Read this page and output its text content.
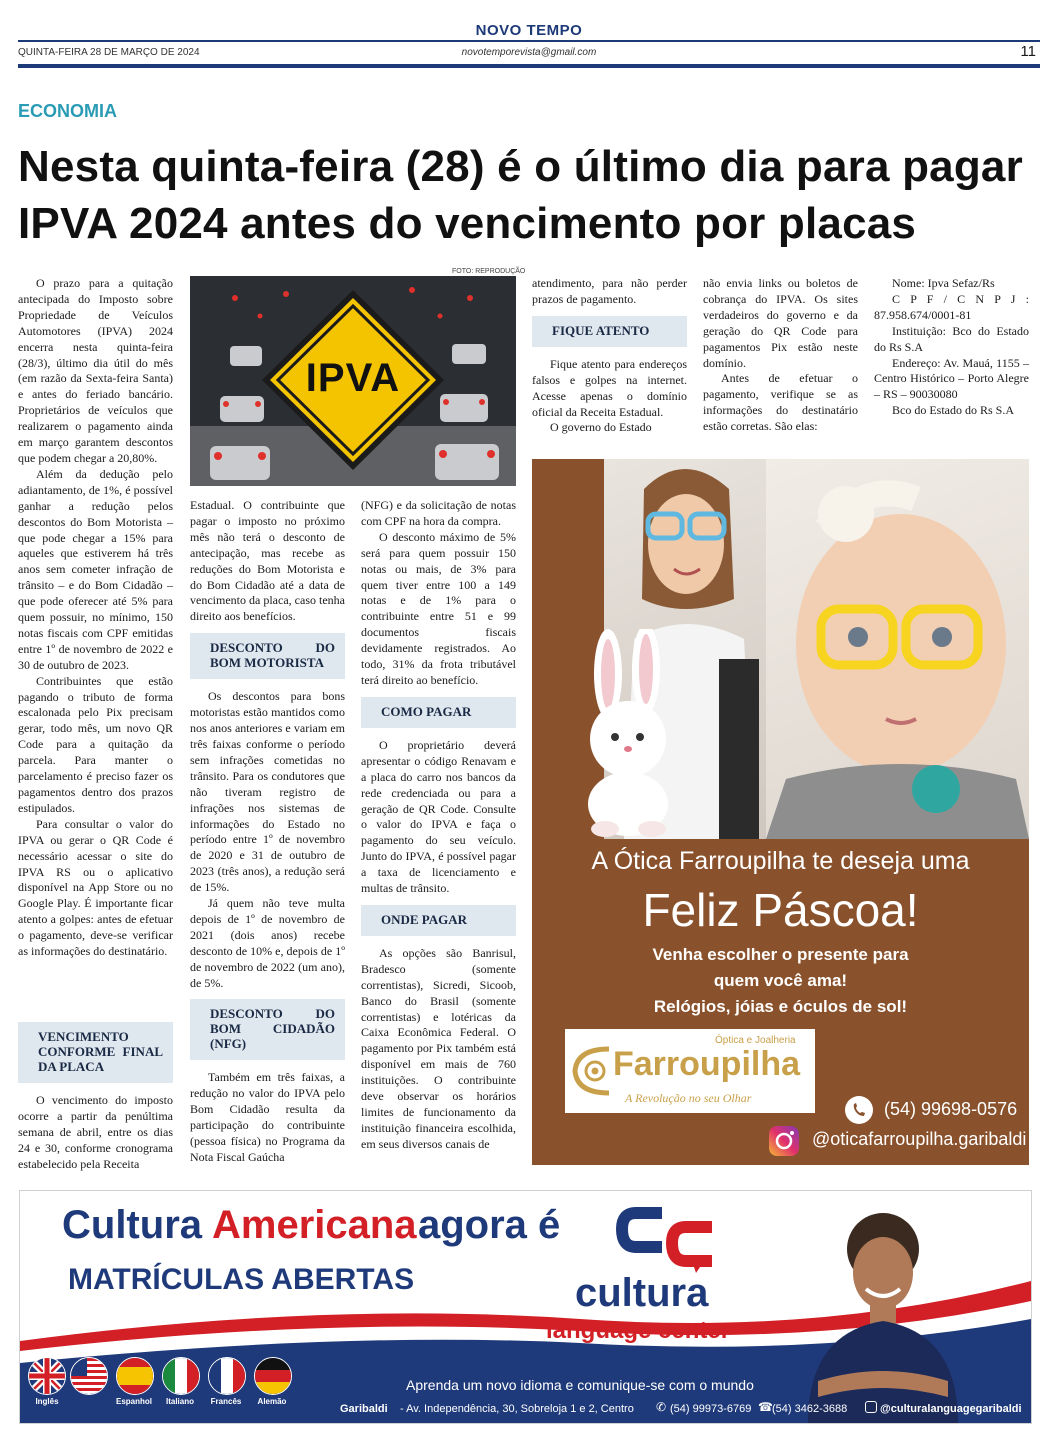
NOVO TEMPO
QUINTA-FEIRA 28 DE MARÇO DE 2024	novotemporevista@gmail.com	11
ECONOMIA
Nesta quinta-feira (28) é o último dia para pagar IPVA 2024 antes do vencimento por placas
FOTO: REPRODUÇÃO
IPVA

O prazo para a quitação antecipada do Imposto sobre Propriedade de Veículos Automotores (IPVA) 2024 encerra nesta quinta-feira (28/3), último dia útil do mês (em razão da Sexta-feira Santa) e antes do feriado bancário. Proprietários de veículos que realizarem o pagamento ainda em março garantem descontos que podem chegar a 20,80%.

Além da dedução pelo adiantamento, de 1%, é possível ganhar a redução pelos descontos do Bom Motorista – que pode chegar a 15% para aqueles que estiverem há três anos sem cometer infração de trânsito – e do Bom Cidadão – que pode oferecer até 5% para quem possuir, no mínimo, 150 notas fiscais com CPF emitidas entre 1º de novembro de 2022 e 30 de outubro de 2023.

Contribuintes que estão pagando o tributo de forma escalonada pelo Pix precisam gerar, todo mês, um novo QR Code para a quitação da parcela. Para manter o parcelamento é preciso fazer os pagamentos dentro dos prazos estipulados.

Para consultar o valor do IPVA ou gerar o QR Code é necessário acessar o site do IPVA RS ou o aplicativo disponível na App Store ou no Google Play. É importante ficar atento a golpes: antes de efetuar o pagamento, deve-se verificar as informações do destinatário.

VENCIMENTO CONFORME FINAL DA PLACA

O vencimento do imposto ocorre a partir da penúltima semana de abril, entre os dias 24 e 30, conforme cronograma estabelecido pela Receita

Estadual. O contribuinte que pagar o imposto no próximo mês não terá o desconto de antecipação, mas recebe as reduções do Bom Motorista e do Bom Cidadão até a data de vencimento da placa, caso tenha direito aos benefícios.

DESCONTO DO BOM MOTORISTA

Os descontos para bons motoristas estão mantidos como nos anos anteriores e variam em três faixas conforme o período sem infrações cometidas no trânsito. Para os condutores que não tiveram registro de infrações nos sistemas de informações do Estado no período entre 1º de novembro de 2020 e 31 de outubro de 2023 (três anos), a redução será de 15%.

Já quem não teve multa depois de 1º de novembro de 2021 (dois anos) recebe desconto de 10% e, depois de 1º de novembro de 2022 (um ano), de 5%.

DESCONTO DO BOM CIDADÃO (NFG)

Também em três faixas, a redução no valor do IPVA pelo Bom Cidadão resulta da participação do contribuinte (pessoa física) no Programa da Nota Fiscal Gaúcha

(NFG) e da solicitação de notas com CPF na hora da compra.

O desconto máximo de 5% será para quem possuir 150 notas ou mais, de 3% para quem tiver entre 100 a 149 notas e de 1% para o contribuinte entre 51 e 99 documentos fiscais devidamente registrados. Ao todo, 31% da frota tributável terá direito ao benefício.

COMO PAGAR

O proprietário deverá apresentar o código Renavam e a placa do carro nos bancos da rede credenciada ou para a geração de QR Code. Consulte o valor do IPVA e faça o pagamento do seu veículo. Junto do IPVA, é possível pagar a taxa de licenciamento e multas de trânsito.

ONDE PAGAR

As opções são Banrisul, Bradesco (somente correntistas), Sicredi, Sicoob, Banco do Brasil (somente correntistas) e lotéricas da Caixa Econômica Federal. O pagamento por Pix também está disponível em mais de 760 instituições. O contribuinte deve observar os horários limites de funcionamento da instituição financeira escolhida, em seus diversos canais de

atendimento, para não perder prazos de pagamento.

FIQUE ATENTO

Fique atento para endereços falsos e golpes na internet. Acesse apenas o domínio oficial da Receita Estadual.

O governo do Estado

não envia links ou boletos de cobrança do IPVA. Os sites verdadeiros do governo e da geração do QR Code para pagamentos Pix estão neste domínio.

Antes de efetuar o pagamento, verifique se as informações do destinatário estão corretas. São elas:

Nome: Ipva Sefaz/Rs

C P F / C N P J : 87.958.674/0001-81

Instituição: Bco do Estado do Rs S.A

Endereço: Av. Mauá, 1155 – Centro Histórico – Porto Alegre – RS – 90030080

Bco do Estado do Rs S.A

A Ótica Farroupilha te deseja uma
Feliz Páscoa!
Venha escolher o presente para
quem você ama!
Relógios, jóias e óculos de sol!
Óptica e Joalheria
Farroupilha
A Revolução no seu Olhar
(54) 99698-0576
@oticafarroupilha.garibaldi
Cultura Americana agora é
MATRÍCULAS ABERTAS	cultura
language center
Inglês	Espanhol	Italiano	Francês	Alemão
Aprenda um novo idioma e comunique-se com o mundo
Garibaldi - Av. Independência, 30, Sobreloja 1 e 2, Centro ✆ (54) 99973-6769 ☎ (54) 3462-3688	@culturalanguagegaribaldi
